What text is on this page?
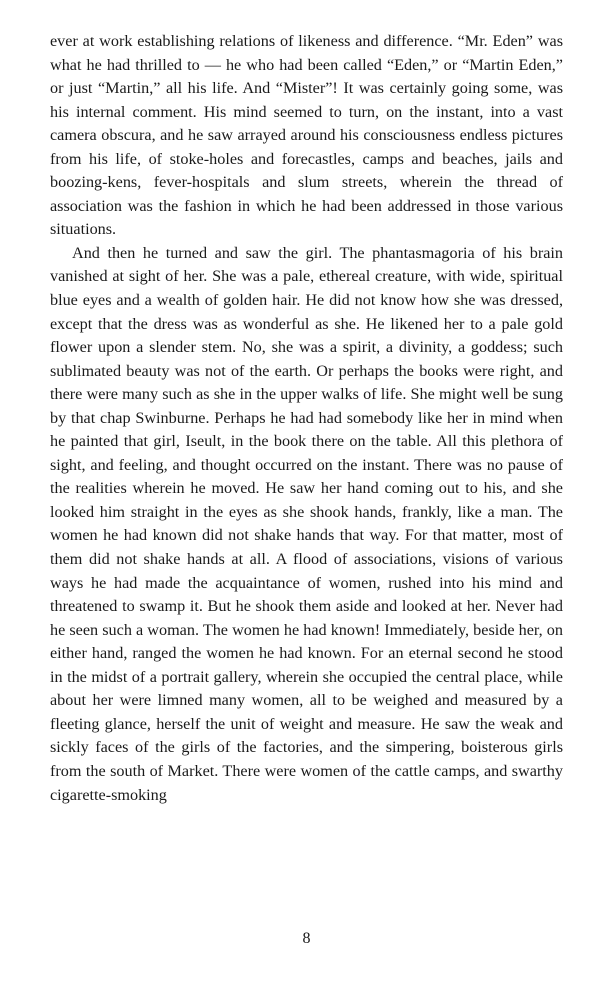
ever at work establishing relations of likeness and difference. “Mr. Eden” was what he had thrilled to — he who had been called “Eden,” or “Martin Eden,” or just “Martin,” all his life. And “Mister”! It was certainly going some, was his internal comment. His mind seemed to turn, on the instant, into a vast camera obscura, and he saw arrayed around his consciousness endless pictures from his life, of stoke-holes and forecastles, camps and beaches, jails and boozing-kens, fever-hospitals and slum streets, wherein the thread of association was the fashion in which he had been addressed in those various situations.

And then he turned and saw the girl. The phantasmagoria of his brain vanished at sight of her. She was a pale, ethereal creature, with wide, spiritual blue eyes and a wealth of golden hair. He did not know how she was dressed, except that the dress was as wonderful as she. He likened her to a pale gold flower upon a slender stem. No, she was a spirit, a divinity, a goddess; such sublimated beauty was not of the earth. Or perhaps the books were right, and there were many such as she in the upper walks of life. She might well be sung by that chap Swinburne. Perhaps he had had somebody like her in mind when he painted that girl, Iseult, in the book there on the table. All this plethora of sight, and feeling, and thought occurred on the instant. There was no pause of the realities wherein he moved. He saw her hand coming out to his, and she looked him straight in the eyes as she shook hands, frankly, like a man. The women he had known did not shake hands that way. For that matter, most of them did not shake hands at all. A flood of associations, visions of various ways he had made the acquaintance of women, rushed into his mind and threatened to swamp it. But he shook them aside and looked at her. Never had he seen such a woman. The women he had known! Immediately, beside her, on either hand, ranged the women he had known. For an eternal second he stood in the midst of a portrait gallery, wherein she occupied the central place, while about her were limned many women, all to be weighed and measured by a fleeting glance, herself the unit of weight and measure. He saw the weak and sickly faces of the girls of the factories, and the simpering, boisterous girls from the south of Market. There were women of the cattle camps, and swarthy cigarette-smoking

8
